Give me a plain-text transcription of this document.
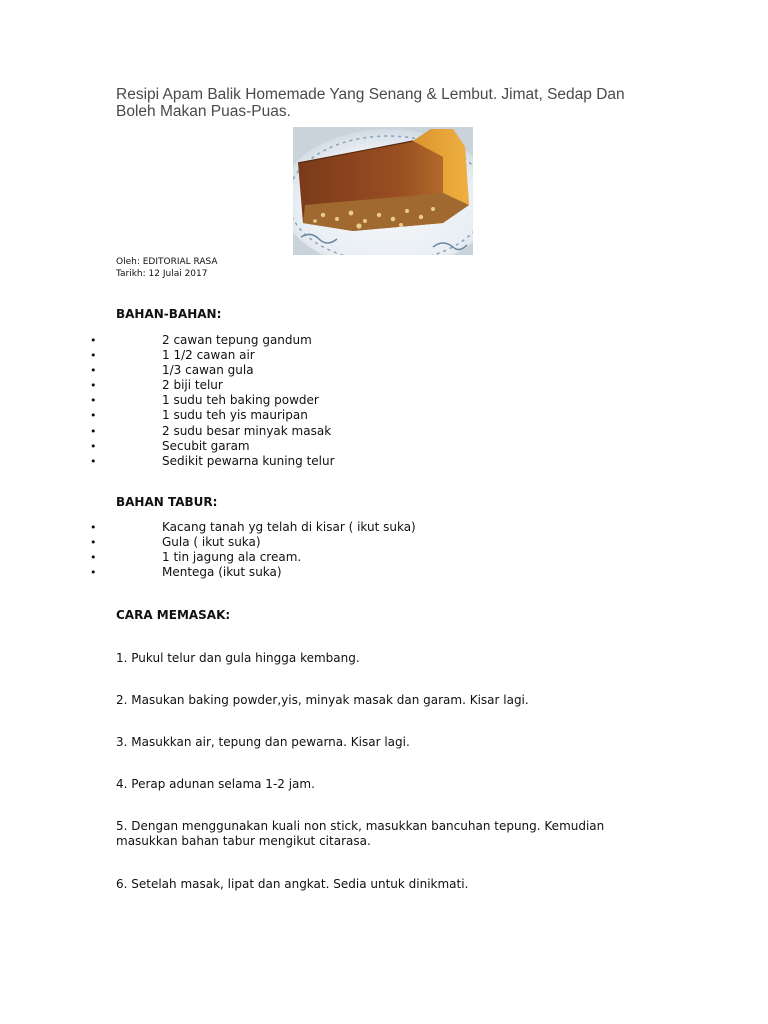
Resipi Apam Balik Homemade Yang Senang & Lembut. Jimat, Sedap Dan Boleh Makan Puas-Puas.
Oleh: EDITORIAL RASA
Tarikh: 12 Julai 2017
BAHAN-BAHAN:
•	2 cawan tepung gandum
•	1 1/2 cawan air
•	1/3 cawan gula
•	2 biji telur
•	1 sudu teh baking powder
•	1 sudu teh yis mauripan
•	2 sudu besar minyak masak
•	Secubit garam
•	Sedikit pewarna kuning telur
BAHAN TABUR:
•	Kacang tanah yg telah di kisar ( ikut suka)
•	Gula ( ikut suka)
•	1 tin jagung ala cream.
•	Mentega (ikut suka)
CARA MEMASAK:
1. Pukul telur dan gula hingga kembang.
2. Masukan baking powder,yis, minyak masak dan garam. Kisar lagi.
3. Masukkan air, tepung dan pewarna. Kisar lagi.
4. Perap adunan selama 1-2 jam.
5. Dengan menggunakan kuali non stick, masukkan bancuhan tepung. Kemudian masukkan bahan tabur mengikut citarasa.
6. Setelah masak, lipat dan angkat. Sedia untuk dinikmati.
